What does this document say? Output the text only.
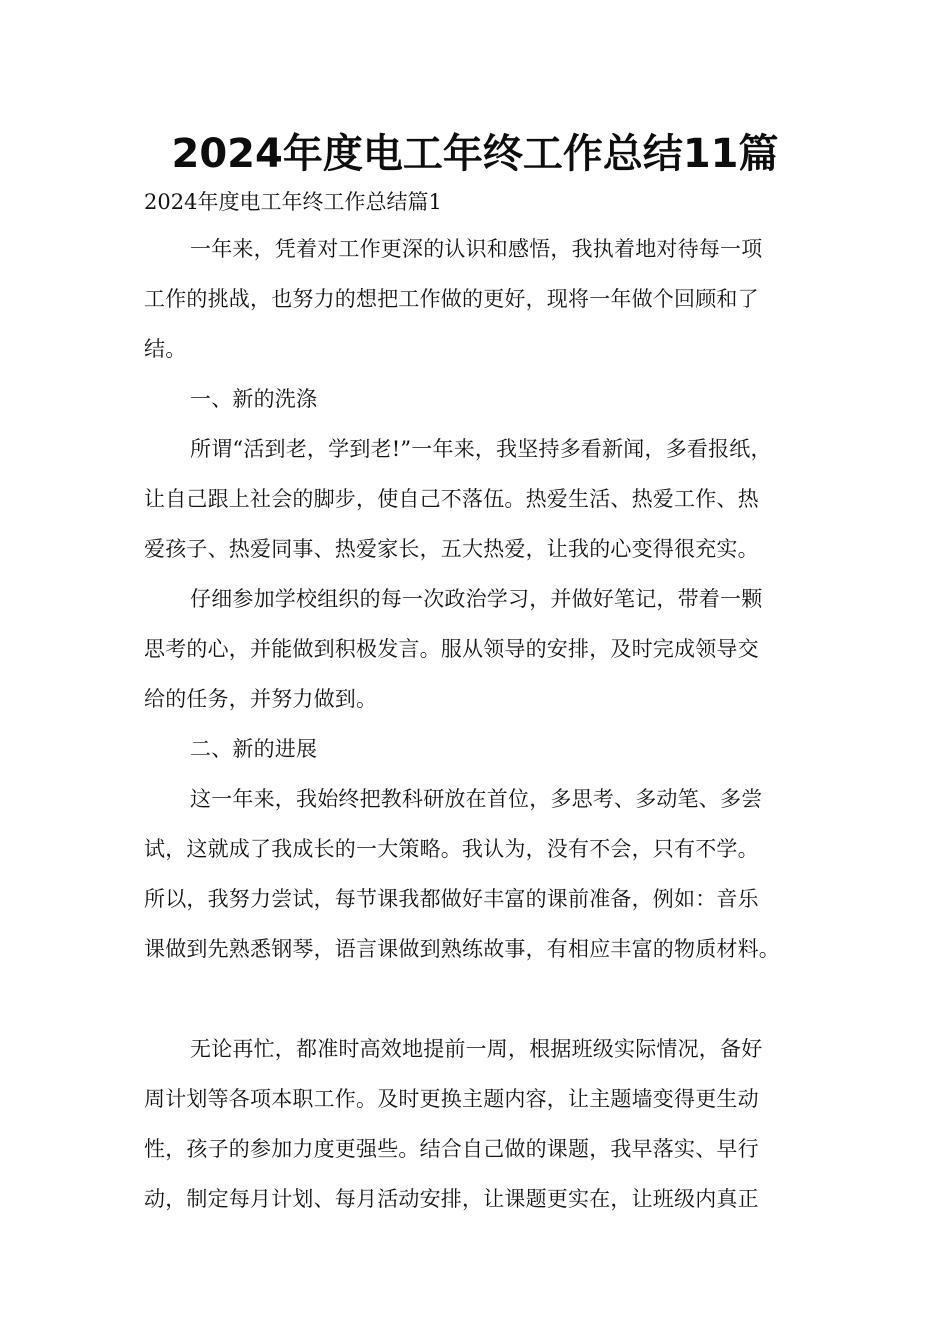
2024年度电工年终工作总结11篇
2024年度电工年终工作总结篇1
一年来，凭着对工作更深的认识和感悟，我执着地对待每一项
工作的挑战，也努力的想把工作做的更好，现将一年做个回顾和了
结。
一、新的洗涤
所谓“活到老，学到老!”一年来，我坚持多看新闻，多看报纸，
让自己跟上社会的脚步，使自己不落伍。热爱生活、热爱工作、热
爱孩子、热爱同事、热爱家长，五大热爱，让我的心变得很充实。
仔细参加学校组织的每一次政治学习，并做好笔记，带着一颗
思考的心，并能做到积极发言。服从领导的安排，及时完成领导交
给的任务，并努力做到。
二、新的进展
这一年来，我始终把教科研放在首位，多思考、多动笔、多尝
试，这就成了我成长的一大策略。我认为，没有不会，只有不学。
所以，我努力尝试，每节课我都做好丰富的课前准备，例如：音乐
课做到先熟悉钢琴，语言课做到熟练故事，有相应丰富的物质材料。
无论再忙，都准时高效地提前一周，根据班级实际情况，备好
周计划等各项本职工作。及时更换主题内容，让主题墙变得更生动
性，孩子的参加力度更强些。结合自己做的课题，我早落实、早行
动，制定每月计划、每月活动安排，让课题更实在，让班级内真正
